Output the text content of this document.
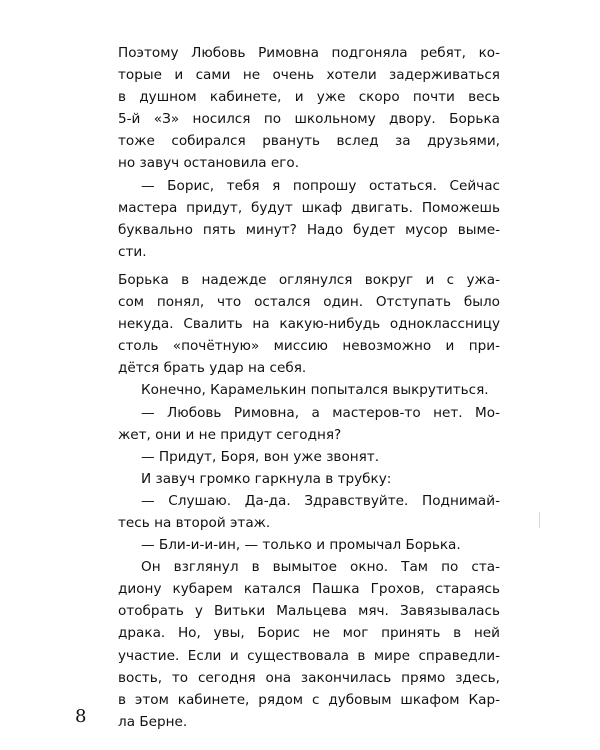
Поэтому Любовь Римовна подгоняла ребят, ко-
торые и сами не очень хотели задерживаться
в душном кабинете, и уже скоро почти весь
5-й «З» носился по школьному двору. Борька
тоже собирался рвануть вслед за друзьями,
но завуч остановила его.
— Борис, тебя я попрошу остаться. Сейчас
мастера придут, будут шкаф двигать. Поможешь
буквально пять минут? Надо будет мусор выме-
сти.
Борька в надежде оглянулся вокруг и с ужа-
сом понял, что остался один. Отступать было
некуда. Свалить на какую-нибудь одноклассницу
столь «почётную» миссию невозможно и при-
дётся брать удар на себя.
Конечно, Карамелькин попытался выкрутиться.
— Любовь Римовна, а мастеров-то нет. Мо-
жет, они и не придут сегодня?
— Придут, Боря, вон уже звонят.
И завуч громко гаркнула в трубку:
— Слушаю. Да-да. Здравствуйте. Поднимай-
тесь на второй этаж.
— Бли-и-и-ин, — только и промычал Борька.
Он взглянул в вымытое окно. Там по ста-
диону кубарем катался Пашка Грохов, стараясь
отобрать у Витьки Мальцева мяч. Завязывалась
драка. Но, увы, Борис не мог принять в ней
участие. Если и существовала в мире справедли-
вость, то сегодня она закончилась прямо здесь,
в этом кабинете, рядом с дубовым шкафом Кар-
ла Берне.
8
